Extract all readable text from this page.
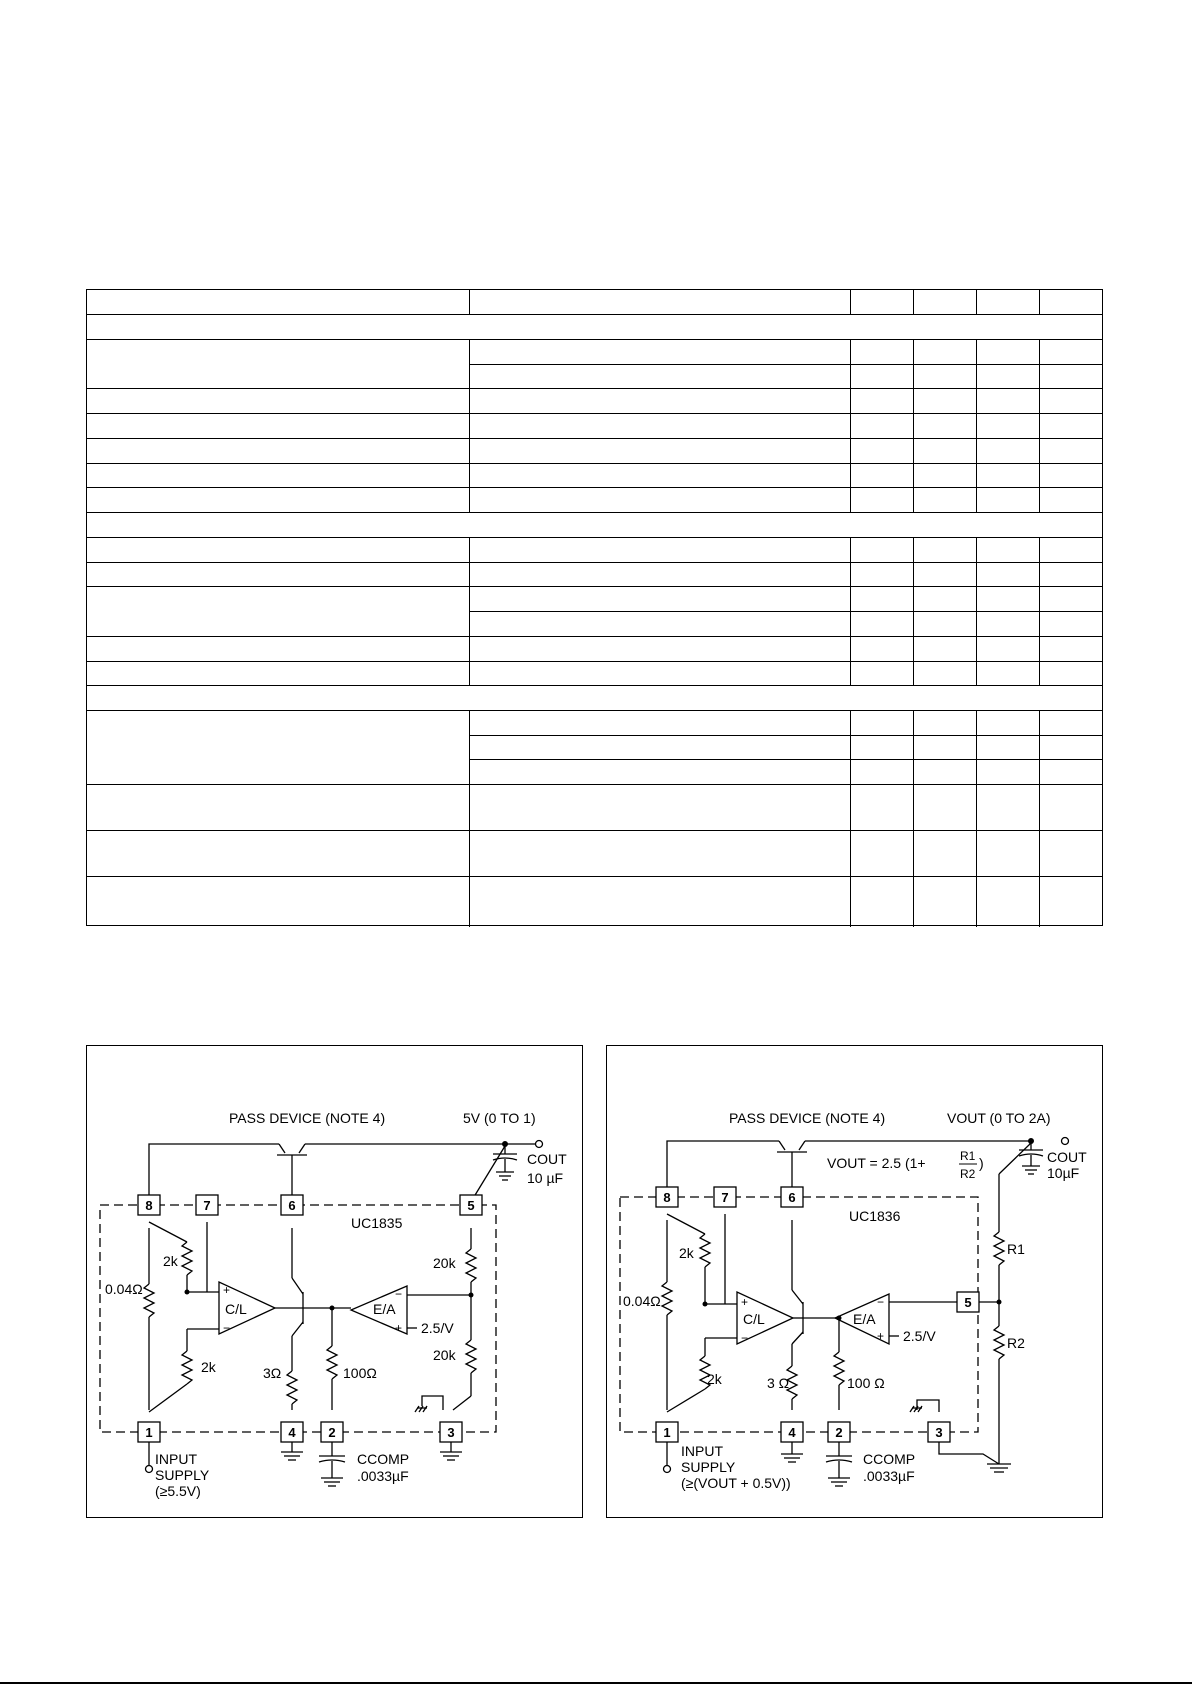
8	7	6	5
1	4	2	3
PASS DEVICE (NOTE 4)	5V (0 TO 1)
COUT
10 µF
UC1835
0.04Ω
2k
2k	3Ω	100Ω
20k
20k
C/L	E/A
2.5/V
CCOMP
.0033µF
INPUT
SUPPLY
(≥5.5V)
+
−
−
+
8	7	6
5
1	4	2	3
PASS DEVICE (NOTE 4)	VOUT (0 TO 2A)
COUT
10µF
VOUT = 2.5 (1+	R1
R2
)
UC1836
0.04Ω
2k
2k	3 Ω	100 Ω
R1
R2
C/L	E/A
2.5/V
CCOMP
.0033µF
INPUT
SUPPLY
(≥(VOUT + 0.5V))
+
−
−
+
